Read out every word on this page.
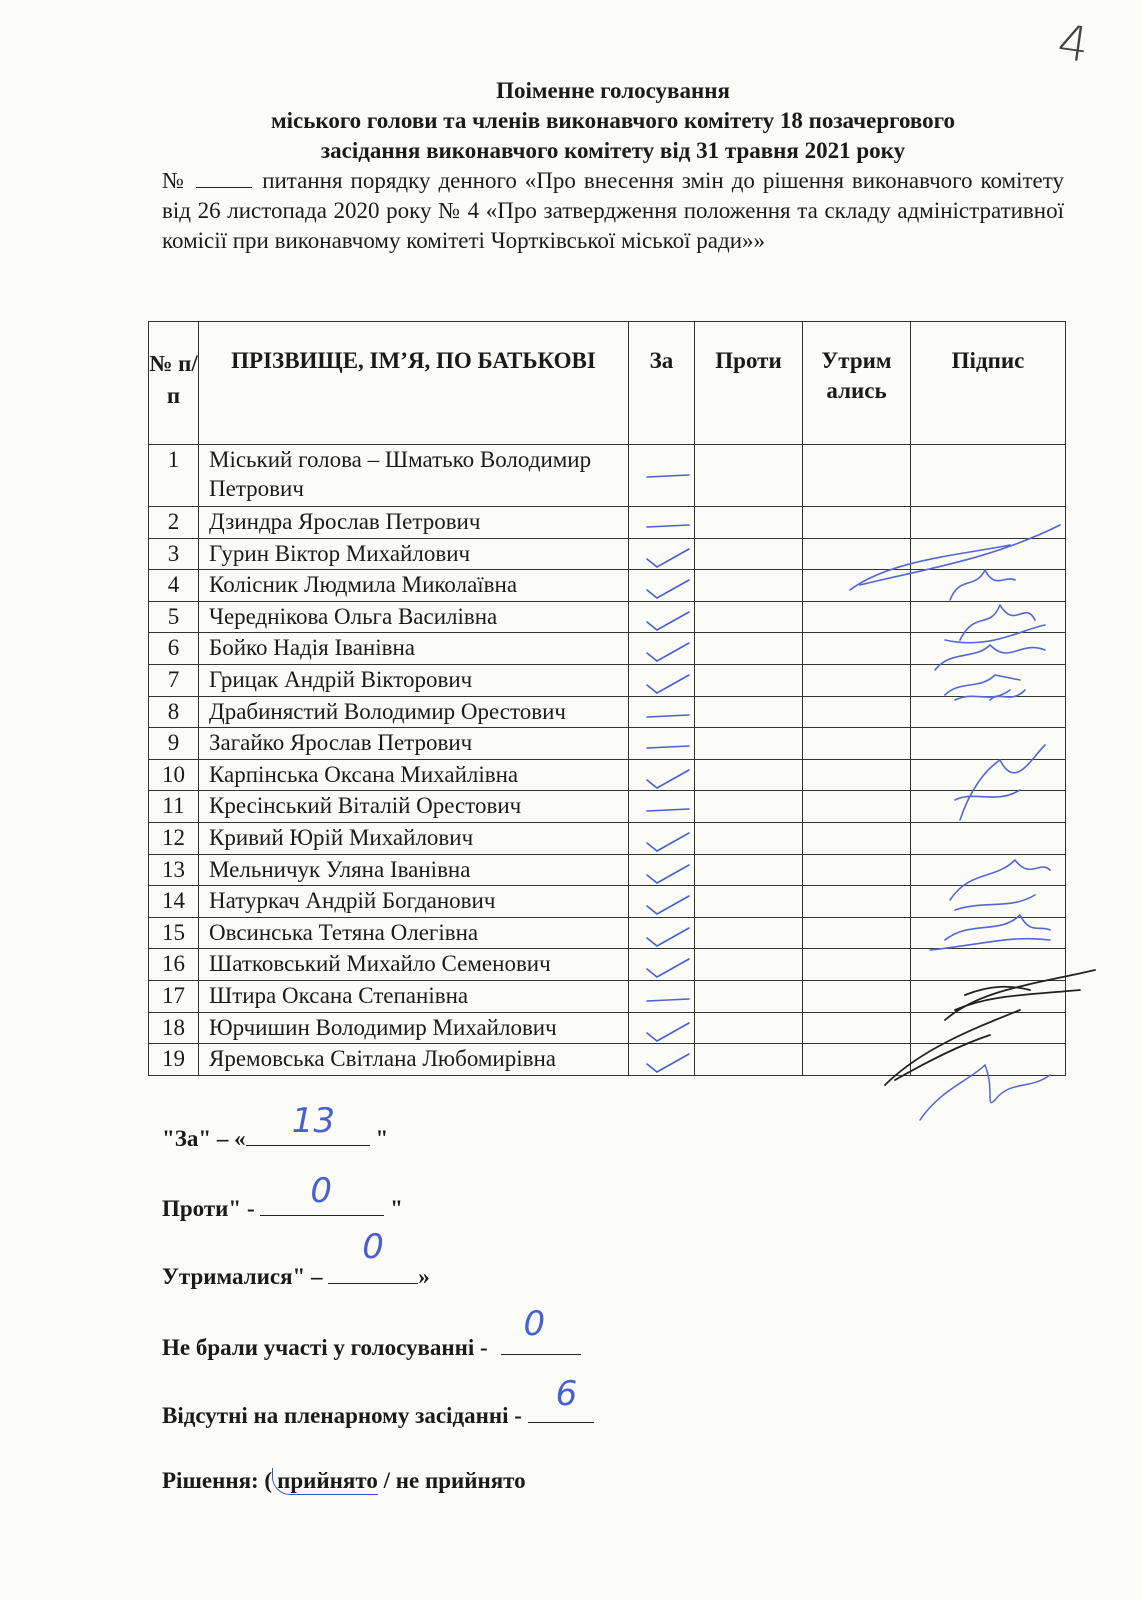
4

Поіменне голосування

міського голови та членів виконавчого комітету 18 позачергового

засідання виконавчого комітету від 31 травня 2021 року

№	питання порядку денного «Про внесення змін до рішення виконавчого комітету від 26 листопада 2020 року № 4 «Про затвердження положення та складу адміністративної комісії при виконавчому комітеті Чортківської міської ради»»

№ п/п	ПРІЗВИЩЕ, ІМ’Я, ПО БАТЬКОВІ	За	Проти	Утрим ались	Підпис

1	Міський голова – Шматько Володимир Петрович	

2	Дзиндра Ярослав Петрович	

3	Гурин Віктор Михайлович	

4	Колісник Людмила Миколаївна	

5	Череднікова Ольга Василівна	

6	Бойко Надія Іванівна	

7	Грицак Андрій Вікторович	

8	Драбинястий Володимир Орестович	

9	Загайко Ярослав Петрович	

10	Карпінська Оксана Михайлівна	

11	Кресінський Віталій Орестович	

12	Кривий Юрій Михайлович	

13	Мельничук Уляна Іванівна	

14	Натуркач Андрій Богданович	

15	Овсинська Тетяна Олегівна	

16	Шатковський Михайло Семенович	

17	Штира Оксана Степанівна	

18	Юрчишин Володимир Михайлович	

19	Яремовська Світлана Любомирівна	

"За" – « 13 "
Проти" - 0 "
Утрималися" –
0
»
Не брали участі у голосуванні -
0
Відсутні на пленарному засіданні -
6
Рішення: ( прийнято / не прийнято
